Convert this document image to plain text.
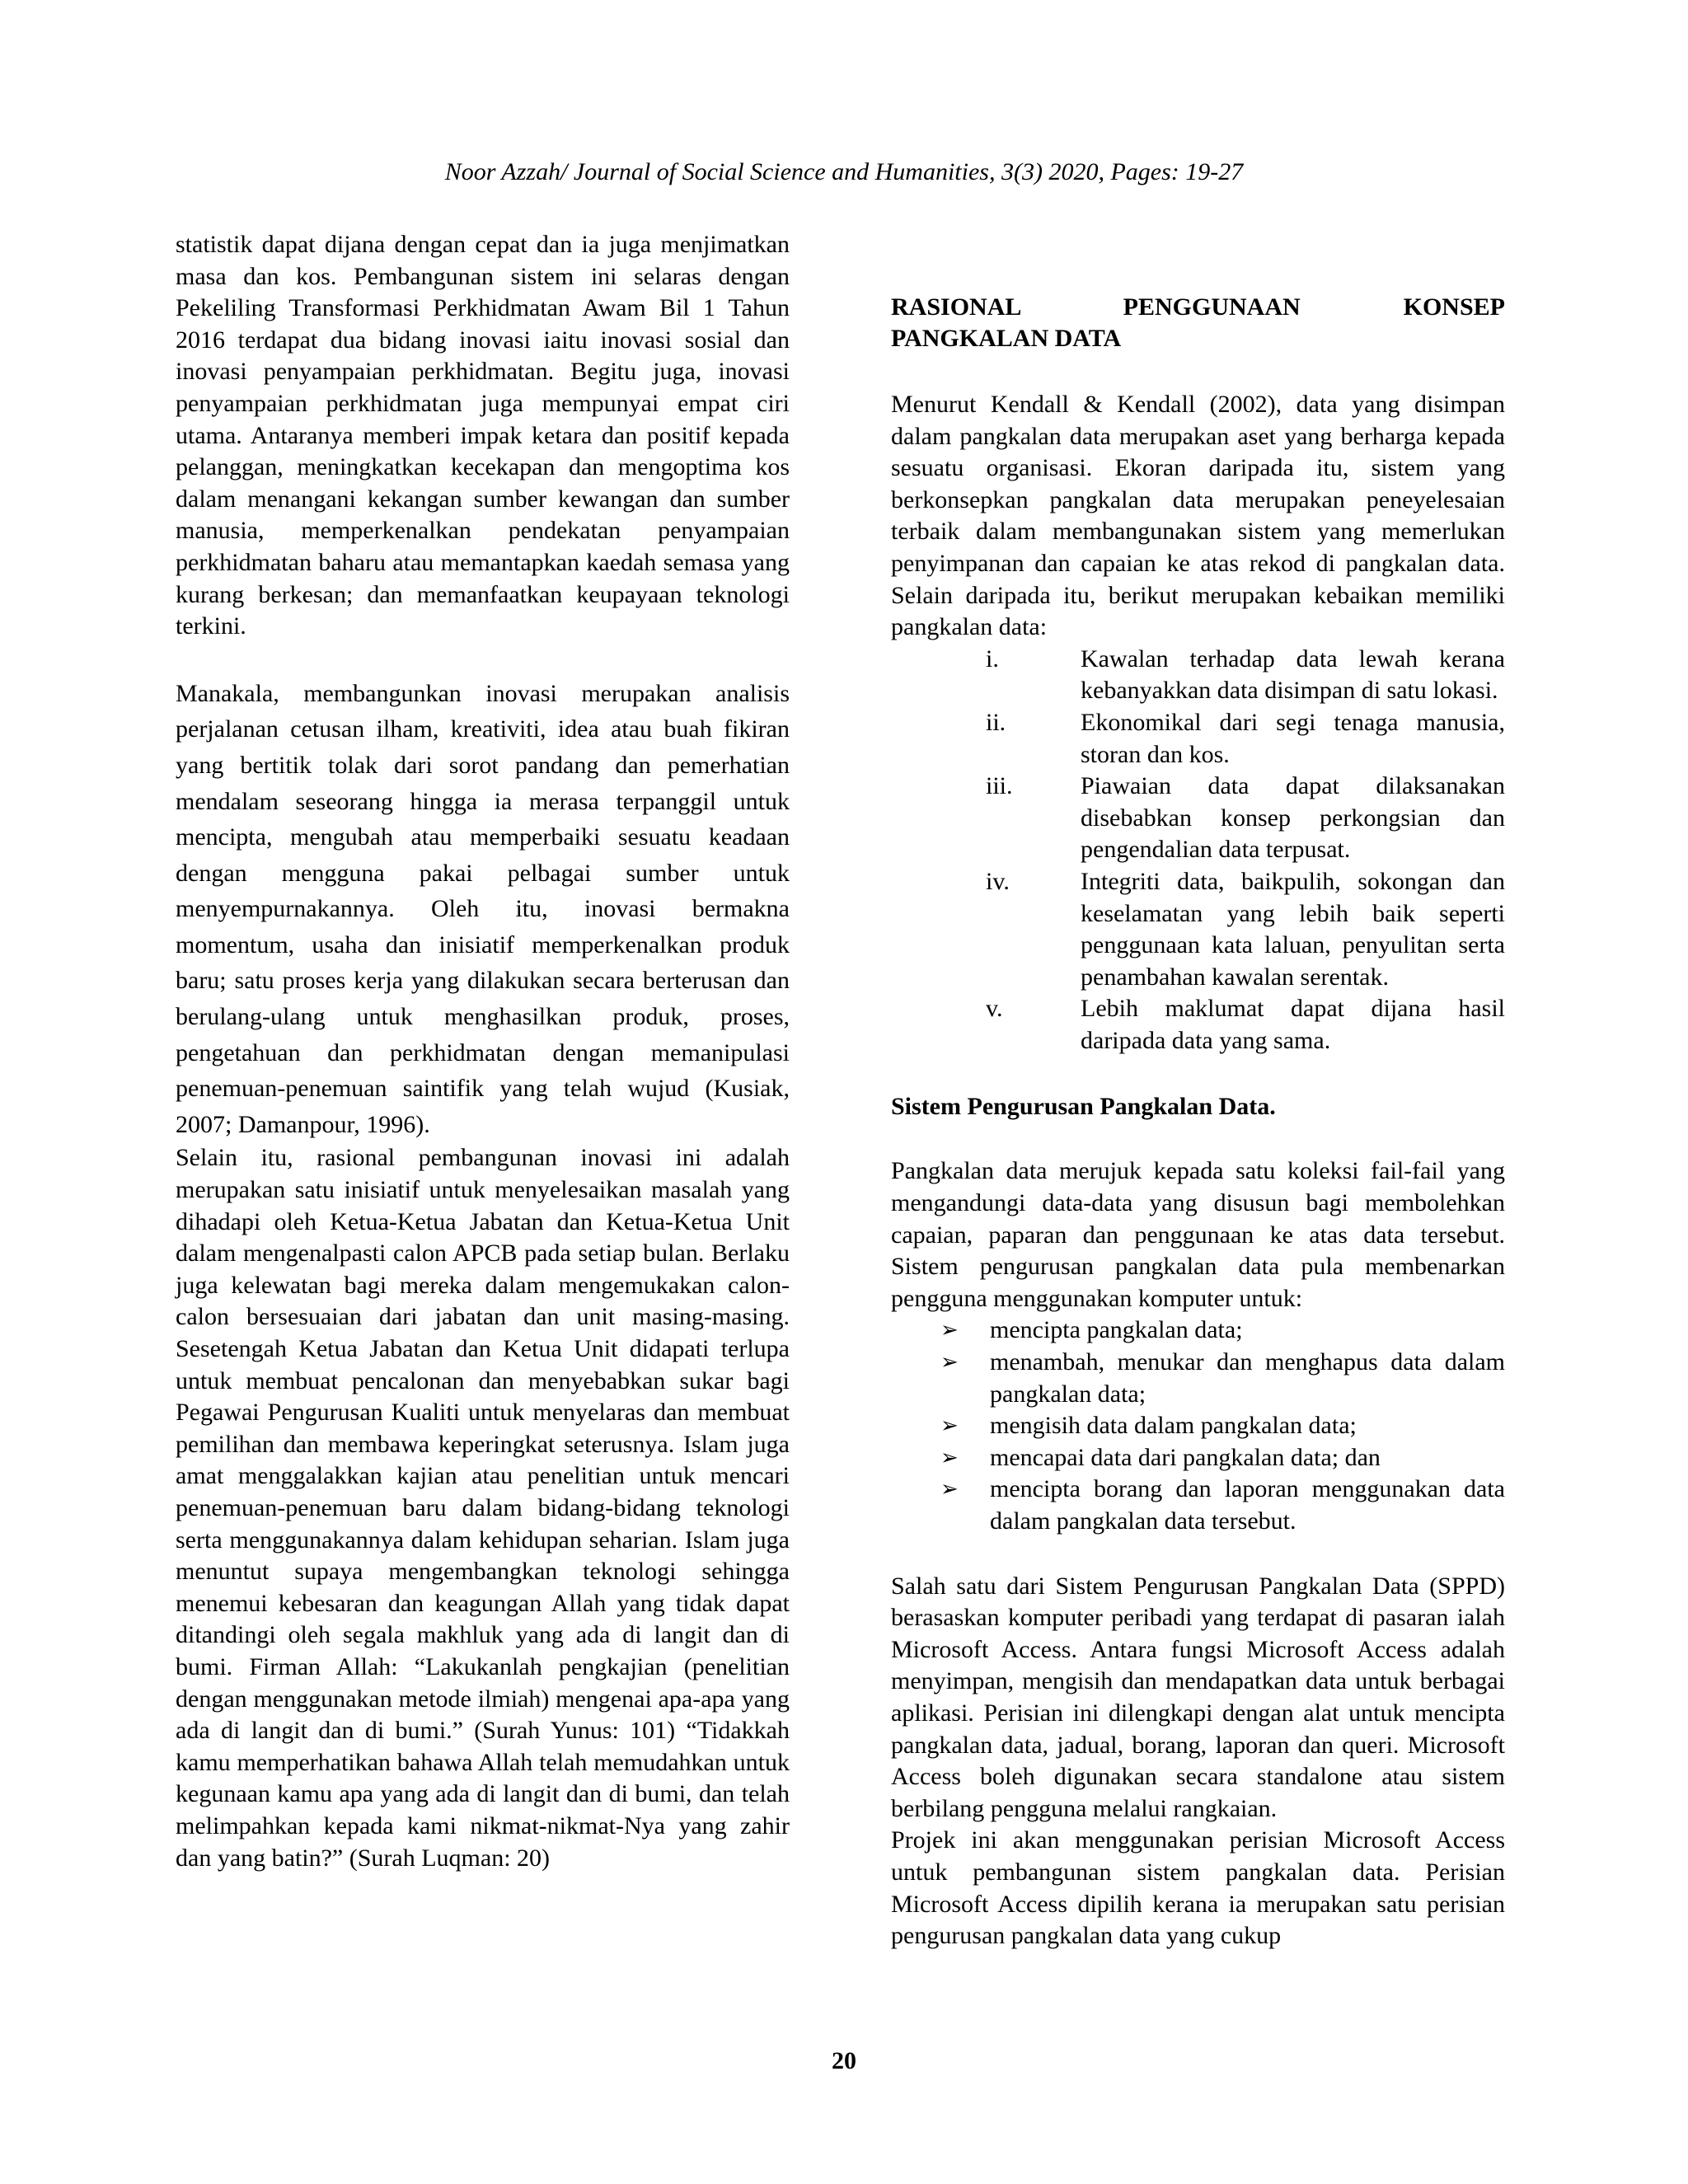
Noor Azzah/ Journal of Social Science and Humanities, 3(3) 2020, Pages: 19-27

statistik dapat dijana dengan cepat dan ia juga menjimatkan masa dan kos. Pembangunan sistem ini selaras dengan Pekeliling Transformasi Perkhidmatan Awam Bil 1 Tahun 2016 terdapat dua bidang inovasi iaitu inovasi sosial dan inovasi penyampaian perkhidmatan. Begitu juga, inovasi penyampaian perkhidmatan juga mempunyai empat ciri utama. Antaranya memberi impak ketara dan positif kepada pelanggan, meningkatkan kecekapan dan mengoptima kos dalam menangani kekangan sumber kewangan dan sumber manusia, memperkenalkan pendekatan penyampaian perkhidmatan baharu atau memantapkan kaedah semasa yang kurang berkesan; dan memanfaatkan keupayaan teknologi terkini.

Manakala, membangunkan inovasi merupakan analisis perjalanan cetusan ilham, kreativiti, idea atau buah fikiran yang bertitik tolak dari sorot pandang dan pemerhatian mendalam seseorang hingga ia merasa terpanggil untuk mencipta, mengubah atau memperbaiki sesuatu keadaan dengan mengguna pakai pelbagai sumber untuk menyempurnakannya. Oleh itu, inovasi bermakna momentum, usaha dan inisiatif memperkenalkan produk baru; satu proses kerja yang dilakukan secara berterusan dan berulang-ulang untuk menghasilkan produk, proses, pengetahuan dan perkhidmatan dengan memanipulasi penemuan-penemuan saintifik yang telah wujud (Kusiak, 2007; Damanpour, 1996).

Selain itu, rasional pembangunan inovasi ini adalah merupakan satu inisiatif untuk menyelesaikan masalah yang dihadapi oleh Ketua-Ketua Jabatan dan Ketua-Ketua Unit dalam mengenalpasti calon APCB pada setiap bulan. Berlaku juga kelewatan bagi mereka dalam mengemukakan calon-calon bersesuaian dari jabatan dan unit masing-masing. Sesetengah Ketua Jabatan dan Ketua Unit didapati terlupa untuk membuat pencalonan dan menyebabkan sukar bagi Pegawai Pengurusan Kualiti untuk menyelaras dan membuat pemilihan dan membawa keperingkat seterusnya. Islam juga amat menggalakkan kajian atau penelitian untuk mencari penemuan-penemuan baru dalam bidang-bidang teknologi serta menggunakannya dalam kehidupan seharian. Islam juga menuntut supaya mengembangkan teknologi sehingga menemui kebesaran dan keagungan Allah yang tidak dapat ditandingi oleh segala makhluk yang ada di langit dan di bumi. Firman Allah: “Lakukanlah pengkajian (penelitian dengan menggunakan metode ilmiah) mengenai apa-apa yang ada di langit dan di bumi.” (Surah Yunus: 101) “Tidakkah kamu memperhatikan bahawa Allah telah memudahkan untuk kegunaan kamu apa yang ada di langit dan di bumi, dan telah melimpahkan kepada kami nikmat-nikmat-Nya yang zahir dan yang batin?” (Surah Luqman: 20)

RASIONAL PENGGUNAAN KONSEP

PANGKALAN DATA

Menurut Kendall & Kendall (2002), data yang disimpan dalam pangkalan data merupakan aset yang berharga kepada sesuatu organisasi. Ekoran daripada itu, sistem yang berkonsepkan pangkalan data merupakan peneyelesaian terbaik dalam membangunakan sistem yang memerlukan penyimpanan dan capaian ke atas rekod di pangkalan data. Selain daripada itu, berikut merupakan kebaikan memiliki pangkalan data:

i.	Kawalan terhadap data lewah kerana kebanyakkan data disimpan di satu lokasi.
ii.	Ekonomikal dari segi tenaga manusia, storan dan kos.
iii.	Piawaian data dapat dilaksanakan disebabkan konsep perkongsian dan pengendalian data terpusat.
iv.	Integriti data, baikpulih, sokongan dan keselamatan yang lebih baik seperti penggunaan kata laluan, penyulitan serta penambahan kawalan serentak.
v.	Lebih maklumat dapat dijana hasil daripada data yang sama.

Sistem Pengurusan Pangkalan Data.

Pangkalan data merujuk kepada satu koleksi fail-fail yang mengandungi data-data yang disusun bagi membolehkan capaian, paparan dan penggunaan ke atas data tersebut. Sistem pengurusan pangkalan data pula membenarkan pengguna menggunakan komputer untuk:

➢	mencipta pangkalan data;
➢	menambah, menukar dan menghapus data dalam pangkalan data;
➢	mengisih data dalam pangkalan data;
➢	mencapai data dari pangkalan data; dan
➢	mencipta borang dan laporan menggunakan data dalam pangkalan data tersebut.

Salah satu dari Sistem Pengurusan Pangkalan Data (SPPD) berasaskan komputer peribadi yang terdapat di pasaran ialah Microsoft Access. Antara fungsi Microsoft Access adalah menyimpan, mengisih dan mendapatkan data untuk berbagai aplikasi. Perisian ini dilengkapi dengan alat untuk mencipta pangkalan data, jadual, borang, laporan dan queri. Microsoft Access boleh digunakan secara standalone atau sistem berbilang pengguna melalui rangkaian.

Projek ini akan menggunakan perisian Microsoft Access untuk pembangunan sistem pangkalan data. Perisian Microsoft Access dipilih kerana ia merupakan satu perisian pengurusan pangkalan data yang cukup

20
